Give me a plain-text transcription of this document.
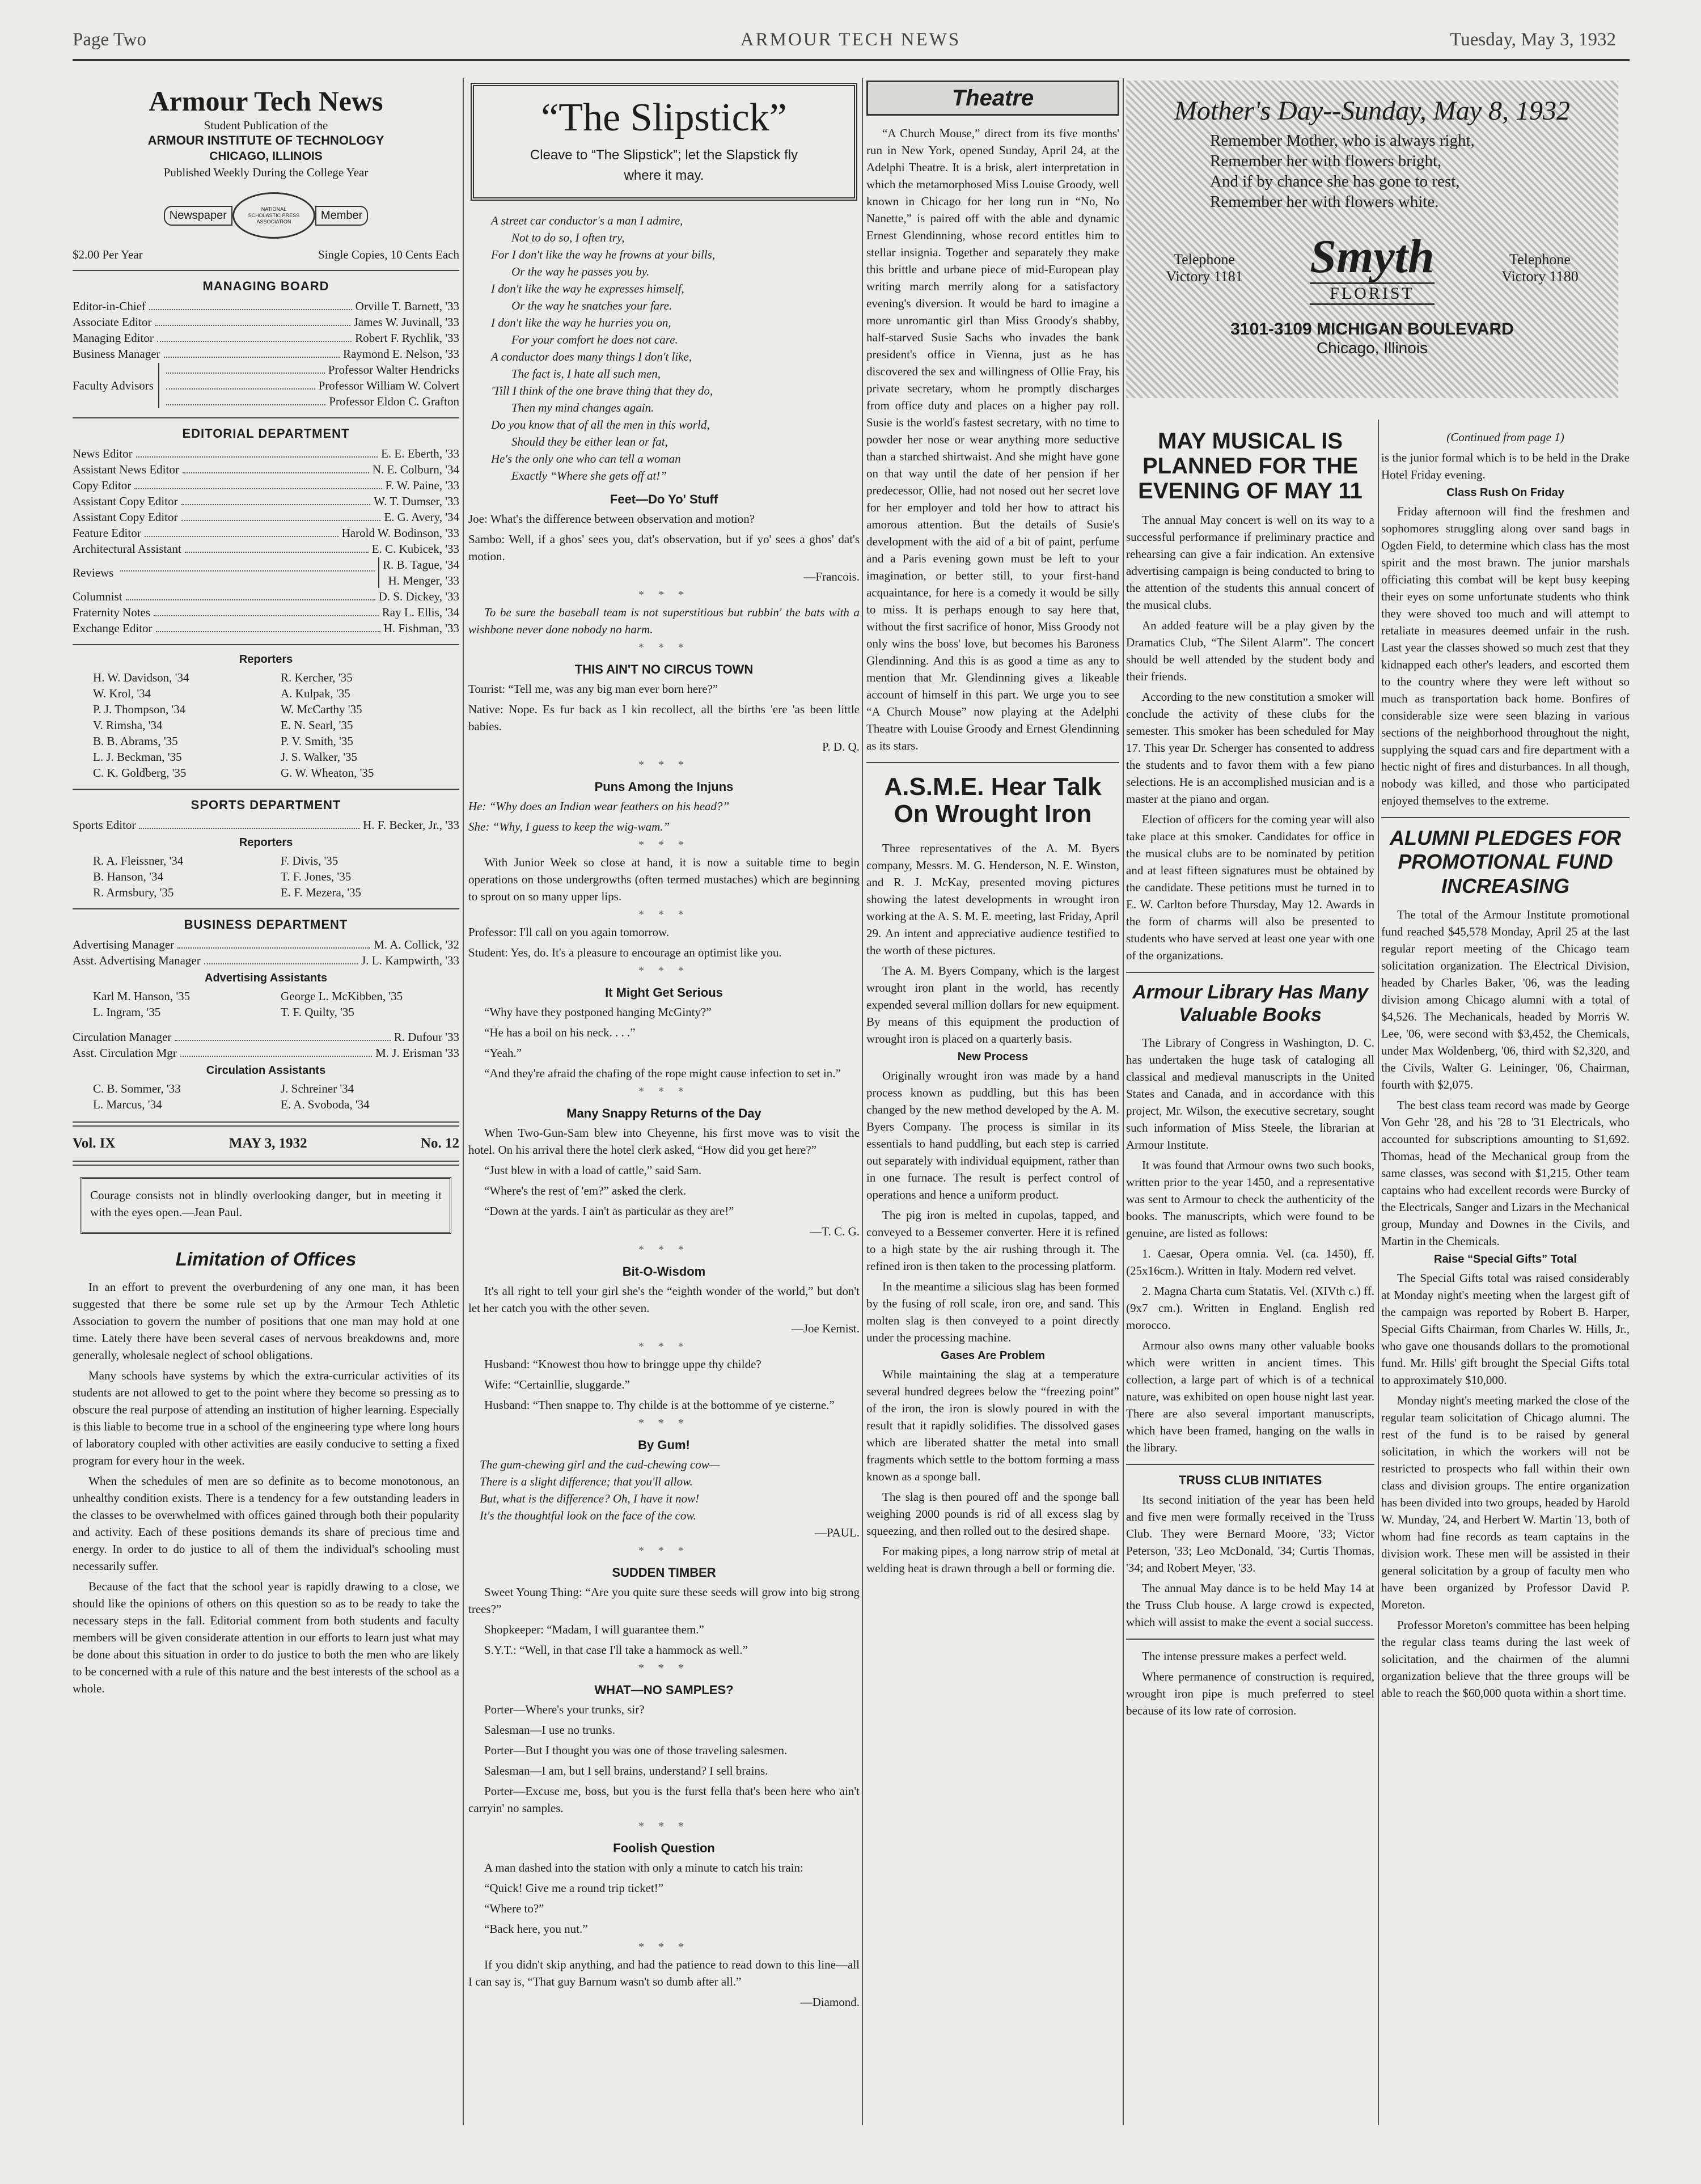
Page Two	ARMOUR TECH NEWS	Tuesday, May 3, 1932
Armour Tech News
Student Publication of the
ARMOUR INSTITUTE OF TECHNOLOGY
CHICAGO, ILLINOIS
Published Weekly During the College Year
Newspaper	NATIONAL SCHOLASTIC PRESS ASSOCIATION	Member
$2.00 Per Year	Single Copies, 10 Cents Each
MANAGING BOARD
Editor-in-Chief	Orville T. Barnett, '33
Associate Editor	James W. Juvinall, '33
Managing Editor	Robert F. Rychlik, '33
Business Manager	Raymond E. Nelson, '33
Faculty Advisors
Professor Walter Hendricks
Professor William W. Colvert
Professor Eldon C. Grafton
EDITORIAL DEPARTMENT
News Editor	E. E. Eberth, '33
Assistant News Editor	N. E. Colburn, '34
Copy Editor	F. W. Paine, '33
Assistant Copy Editor	W. T. Dumser, '33
Assistant Copy Editor	E. G. Avery, '34
Feature Editor	Harold W. Bodinson, '33
Architectural Assistant	E. C. Kubicek, '33
Reviews
R. B. Tague, '34
H. Menger, '33
Columnist	D. S. Dickey, '33
Fraternity Notes	Ray L. Ellis, '34
Exchange Editor	H. Fishman, '33
Reporters
H. W. Davidson, '34	R. Kercher, '35
W. Krol, '34	A. Kulpak, '35
P. J. Thompson, '34	W. McCarthy '35
V. Rimsha, '34	E. N. Searl, '35
B. B. Abrams, '35	P. V. Smith, '35
L. J. Beckman, '35	J. S. Walker, '35
C. K. Goldberg, '35	G. W. Wheaton, '35
SPORTS DEPARTMENT
Sports Editor	H. F. Becker, Jr., '33
Reporters
R. A. Fleissner, '34	F. Divis, '35
B. Hanson, '34	T. F. Jones, '35
R. Armsbury, '35	E. F. Mezera, '35
BUSINESS DEPARTMENT
Advertising Manager	M. A. Collick, '32
Asst. Advertising Manager	J. L. Kampwirth, '33
Advertising Assistants
Karl M. Hanson, '35	George L. McKibben, '35
L. Ingram, '35	T. F. Quilty, '35
Circulation Manager	R. Dufour '33
Asst. Circulation Mgr	M. J. Erisman '33
Circulation Assistants
C. B. Sommer, '33	J. Schreiner '34
L. Marcus, '34	E. A. Svoboda, '34
Vol. IX	MAY 3, 1932	No. 12

Courage consists not in blindly overlooking danger, but in meeting it with the eyes open.—Jean Paul.

Limitation of Offices

In an effort to prevent the overburdening of any one man, it has been suggested that there be some rule set up by the Armour Tech Athletic Association to govern the number of positions that one man may hold at one time. Lately there have been several cases of nervous breakdowns and, more generally, wholesale neglect of school obligations.

Many schools have systems by which the extra-curricular activities of its students are not allowed to get to the point where they become so pressing as to obscure the real purpose of attending an institution of higher learning. Especially is this liable to become true in a school of the engineering type where long hours of laboratory coupled with other activities are easily conducive to setting a fixed program for every hour in the week.

When the schedules of men are so definite as to become monotonous, an unhealthy condition exists. There is a tendency for a few outstanding leaders in the classes to be overwhelmed with offices gained through both their popularity and activity. Each of these positions demands its share of precious time and energy. In order to do justice to all of them the individual's schooling must necessarily suffer.

Because of the fact that the school year is rapidly drawing to a close, we should like the opinions of others on this question so as to be ready to take the necessary steps in the fall. Editorial comment from both students and faculty members will be given considerate attention in our efforts to learn just what may be done about this situation in order to do justice to both the men who are likely to be concerned with a rule of this nature and the best interests of the school as a whole.

“The Slipstick”
Cleave to “The Slipstick”; let the Slapstick fly where it may.
A street car conductor's a man I admire,
Not to do so, I often try,
For I don't like the way he frowns at your bills,
Or the way he passes you by.
I don't like the way he expresses himself,
Or the way he snatches your fare.
I don't like the way he hurries you on,
For your comfort he does not care.
A conductor does many things I don't like,
The fact is, I hate all such men,
'Till I think of the one brave thing that they do,
Then my mind changes again.
Do you know that of all the men in this world,
Should they be either lean or fat,
He's the only one who can tell a woman
Exactly “Where she gets off at!”
Feet—Do Yo' Stuff

Joe: What's the difference between observation and motion?

Sambo: Well, if a ghos' sees you, dat's observation, but if yo' sees a ghos' dat's motion.

—Francois.

* * *

To be sure the baseball team is not superstitious but rubbin' the bats with a wishbone never done nobody no harm.

* * *
THIS AIN'T NO CIRCUS TOWN

Tourist: “Tell me, was any big man ever born here?”

Native: Nope. Es fur back as I kin recollect, all the births 'ere 'as been little babies.

P. D. Q.

* * *
Puns Among the Injuns

He: “Why does an Indian wear feathers on his head?”

She: “Why, I guess to keep the wig-wam.”

* * *

With Junior Week so close at hand, it is now a suitable time to begin operations on those undergrowths (often termed mustaches) which are beginning to sprout on so many upper lips.

* * *

Professor: I'll call on you again tomorrow.

Student: Yes, do. It's a pleasure to encourage an optimist like you.

* * *
It Might Get Serious

“Why have they postponed hanging McGinty?”

“He has a boil on his neck. . . .”

“Yeah.”

“And they're afraid the chafing of the rope might cause infection to set in.”

* * *
Many Snappy Returns of the Day

When Two-Gun-Sam blew into Cheyenne, his first move was to visit the hotel. On his arrival there the hotel clerk asked, “How did you get here?”

“Just blew in with a load of cattle,” said Sam.

“Where's the rest of 'em?” asked the clerk.

“Down at the yards. I ain't as particular as they are!”

—T. C. G.

* * *
Bit-O-Wisdom

It's all right to tell your girl she's the “eighth wonder of the world,” but don't let her catch you with the other seven.

—Joe Kemist.

* * *

Husband: “Knowest thou how to bringge uppe thy childe?

Wife: “Certainllie, sluggarde.”

Husband: “Then snappe to. Thy childe is at the bottomme of ye cisterne.”

* * *
By Gum!
The gum-chewing girl and the cud-chewing cow—
There is a slight difference; that you'll allow.
But, what is the difference? Oh, I have it now!
It's the thoughtful look on the face of the cow.

—PAUL.

* * *
SUDDEN TIMBER

Sweet Young Thing: “Are you quite sure these seeds will grow into big strong trees?”

Shopkeeper: “Madam, I will guarantee them.”

S.Y.T.: “Well, in that case I'll take a hammock as well.”

* * *
WHAT—NO SAMPLES?

Porter—Where's your trunks, sir?

Salesman—I use no trunks.

Porter—But I thought you was one of those traveling salesmen.

Salesman—I am, but I sell brains, understand? I sell brains.

Porter—Excuse me, boss, but you is the furst fella that's been here who ain't carryin' no samples.

* * *
Foolish Question

A man dashed into the station with only a minute to catch his train:

“Quick! Give me a round trip ticket!”

“Where to?”

“Back here, you nut.”

* * *

If you didn't skip anything, and had the patience to read down to this line—all I can say is, “That guy Barnum wasn't so dumb after all.”

—Diamond.

Theatre

“A Church Mouse,” direct from its five months' run in New York, opened Sunday, April 24, at the Adelphi Theatre. It is a brisk, alert interpretation in which the metamorphosed Miss Louise Groody, well known in Chicago for her long run in “No, No Nanette,” is paired off with the able and dynamic Ernest Glendinning, whose record entitles him to stellar insignia. Together and separately they make this brittle and urbane piece of mid-European play writing march merrily along for a satisfactory evening's diversion. It would be hard to imagine a more unromantic girl than Miss Groody's shabby, half-starved Susie Sachs who invades the bank president's office in Vienna, just as he has discovered the sex and willingness of Ollie Fray, his private secretary, whom he promptly discharges from office duty and places on a higher pay roll. Susie is the world's fastest secretary, with no time to powder her nose or wear anything more seductive than a starched shirtwaist. And she might have gone on that way until the date of her pension if her predecessor, Ollie, had not nosed out her secret love for her employer and told her how to attract his amorous attention. But the details of Susie's development with the aid of a bit of paint, perfume and a Paris evening gown must be left to your imagination, or better still, to your first-hand acquaintance, for here is a comedy it would be silly to miss. It is perhaps enough to say here that, without the first sacrifice of honor, Miss Groody not only wins the boss' love, but becomes his Baroness Glendinning. And this is as good a time as any to mention that Mr. Glendinning gives a likeable account of himself in this part. We urge you to see “A Church Mouse” now playing at the Adelphi Theatre with Louise Groody and Ernest Glendinning as its stars.

A.S.M.E. Hear Talk On Wrought Iron

Three representatives of the A. M. Byers company, Messrs. M. G. Henderson, N. E. Winston, and R. J. McKay, presented moving pictures showing the latest developments in wrought iron working at the A. S. M. E. meeting, last Friday, April 29. An intent and appreciative audience testified to the worth of these pictures.

The A. M. Byers Company, which is the largest wrought iron plant in the world, has recently expended several million dollars for new equipment. By means of this equipment the production of wrought iron is placed on a quarterly basis.

New Process

Originally wrought iron was made by a hand process known as puddling, but this has been changed by the new method developed by the A. M. Byers Company. The process is similar in its essentials to hand puddling, but each step is carried out separately with individual equipment, rather than in one furnace. The result is perfect control of operations and hence a uniform product.

The pig iron is melted in cupolas, tapped, and conveyed to a Bessemer converter. Here it is refined to a high state by the air rushing through it. The refined iron is then taken to the processing platform.

In the meantime a silicious slag has been formed by the fusing of roll scale, iron ore, and sand. This molten slag is then conveyed to a point directly under the processing machine.

Gases Are Problem

While maintaining the slag at a temperature several hundred degrees below the “freezing point” of the iron, the iron is slowly poured in with the result that it rapidly solidifies. The dissolved gases which are liberated shatter the metal into small fragments which settle to the bottom forming a mass known as a sponge ball.

The slag is then poured off and the sponge ball weighing 2000 pounds is rid of all excess slag by squeezing, and then rolled out to the desired shape.

For making pipes, a long narrow strip of metal at welding heat is drawn through a bell or forming die.

Mother's Day--Sunday, May 8, 1932
Remember Mother, who is always right,
Remember her with flowers bright,
And if by chance she has gone to rest,
Remember her with flowers white.
Telephone
Victory 1181	Smyth
FLORIST
Telephone
Victory 1180
3101-3109 MICHIGAN BOULEVARD
Chicago, Illinois
MAY MUSICAL IS PLANNED FOR THE EVENING OF MAY 11

The annual May concert is well on its way to a successful performance if preliminary practice and rehearsing can give a fair indication. An extensive advertising campaign is being conducted to bring to the attention of the students this annual concert of the musical clubs.

An added feature will be a play given by the Dramatics Club, “The Silent Alarm”. The concert should be well attended by the student body and their friends.

According to the new constitution a smoker will conclude the activity of these clubs for the semester. This smoker has been scheduled for May 17. This year Dr. Scherger has consented to address the students and to favor them with a few piano selections. He is an accomplished musician and is a master at the piano and organ.

Election of officers for the coming year will also take place at this smoker. Candidates for office in the musical clubs are to be nominated by petition and at least fifteen signatures must be obtained by the candidate. These petitions must be turned in to E. W. Carlton before Thursday, May 12. Awards in the form of charms will also be presented to students who have served at least one year with one of the organizations.

Armour Library Has Many Valuable Books

The Library of Congress in Washington, D. C. has undertaken the huge task of cataloging all classical and medieval manuscripts in the United States and Canada, and in accordance with this project, Mr. Wilson, the executive secretary, sought such information of Miss Steele, the librarian at Armour Institute.

It was found that Armour owns two such books, written prior to the year 1450, and a representative was sent to Armour to check the authenticity of the books. The manuscripts, which were found to be genuine, are listed as follows:

1. Caesar, Opera omnia. Vel. (ca. 1450), ff. (25x16cm.). Written in Italy. Modern red velvet.

2. Magna Charta cum Statatis. Vel. (XIVth c.) ff. (9x7 cm.). Written in England. English red morocco.

Armour also owns many other valuable books which were written in ancient times. This collection, a large part of which is of a technical nature, was exhibited on open house night last year. There are also several important manuscripts, which have been framed, hanging on the walls in the library.

TRUSS CLUB INITIATES

Its second initiation of the year has been held and five men were formally received in the Truss Club. They were Bernard Moore, '33; Victor Peterson, '33; Leo McDonald, '34; Curtis Thomas, '34; and Robert Meyer, '33.

The annual May dance is to be held May 14 at the Truss Club house. A large crowd is expected, which will assist to make the event a social success.

The intense pressure makes a perfect weld.

Where permanence of construction is required, wrought iron pipe is much preferred to steel because of its low rate of corrosion.

(Continued from page 1)

is the junior formal which is to be held in the Drake Hotel Friday evening.

Class Rush On Friday

Friday afternoon will find the freshmen and sophomores struggling along over sand bags in Ogden Field, to determine which class has the most spirit and the most brawn. The junior marshals officiating this combat will be kept busy keeping their eyes on some unfortunate students who think they were shoved too much and will attempt to retaliate in measures deemed unfair in the rush. Last year the classes showed so much zest that they kidnapped each other's leaders, and escorted them to the country where they were left without so much as transportation back home. Bonfires of considerable size were seen blazing in various sections of the neighborhood throughout the night, supplying the squad cars and fire department with a hectic night of fires and disturbances. In all though, nobody was killed, and those who participated enjoyed themselves to the extreme.

ALUMNI PLEDGES FOR PROMOTIONAL FUND INCREASING

The total of the Armour Institute promotional fund reached $45,578 Monday, April 25 at the last regular report meeting of the Chicago team solicitation organization. The Electrical Division, headed by Charles Baker, '06, was the leading division among Chicago alumni with a total of $4,526. The Mechanicals, headed by Morris W. Lee, '06, were second with $3,452, the Chemicals, under Max Woldenberg, '06, third with $2,320, and the Civils, Walter G. Leininger, '06, Chairman, fourth with $2,075.

The best class team record was made by George Von Gehr '28, and his '28 to '31 Electricals, who accounted for subscriptions amounting to $1,692. Thomas, head of the Mechanical group from the same classes, was second with $1,215. Other team captains who had excellent records were Burcky of the Electricals, Sanger and Lizars in the Mechanical group, Munday and Downes in the Civils, and Martin in the Chemicals.

Raise “Special Gifts” Total

The Special Gifts total was raised considerably at Monday night's meeting when the largest gift of the campaign was reported by Robert B. Harper, Special Gifts Chairman, from Charles W. Hills, Jr., who gave one thousands dollars to the promotional fund. Mr. Hills' gift brought the Special Gifts total to approximately $10,000.

Monday night's meeting marked the close of the regular team solicitation of Chicago alumni. The rest of the fund is to be raised by general solicitation, in which the workers will not be restricted to prospects who fall within their own class and division groups. The entire organization has been divided into two groups, headed by Harold W. Munday, '24, and Herbert W. Martin '13, both of whom had fine records as team captains in the division work. These men will be assisted in their general solicitation by a group of faculty men who have been organized by Professor David P. Moreton.

Professor Moreton's committee has been helping the regular class teams during the last week of solicitation, and the chairmen of the alumni organization believe that the three groups will be able to reach the $60,000 quota within a short time.
